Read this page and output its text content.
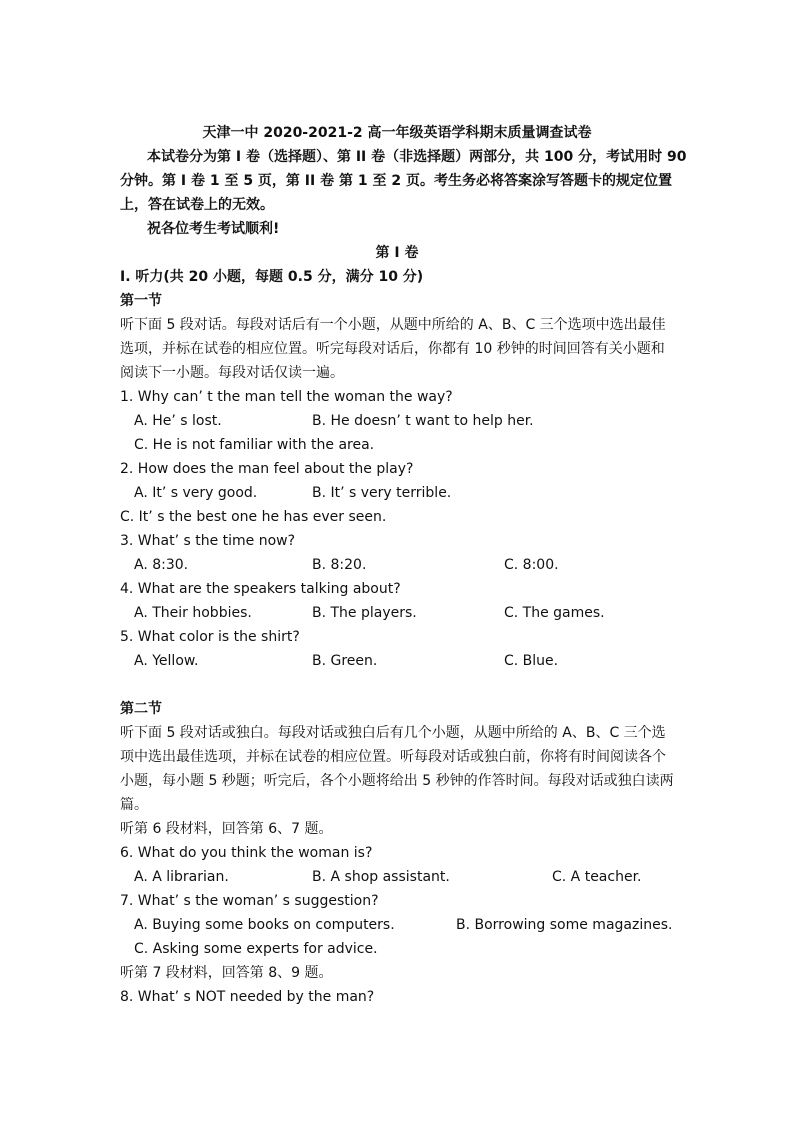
天津一中 2020-2021-2 高一年级英语学科期末质量调查试卷
本试卷分为第 I 卷（选择题）、第 II 卷（非选择题）两部分，共 100 分，考试用时 90
分钟。第 I 卷 1 至 5 页，第 II 卷 第 1 至 2 页。考生务必将答案涂写答题卡的规定位置
上，答在试卷上的无效。
祝各位考生考试顺利!
第 I 卷
I. 听力(共 20 小题，每题 0.5 分，满分 10 分)
第一节
听下面 5 段对话。每段对话后有一个小题，从题中所给的 A、B、C 三个选项中选出最佳
选项，并标在试卷的相应位置。听完每段对话后，你都有 10 秒钟的时间回答有关小题和
阅读下一小题。每段对话仅读一遍。
1. Why can’ t the man tell the woman the way?
A. He’ s lost.	B. He doesn’ t want to help her.
C. He is not familiar with the area.
2. How does the man feel about the play?
A. It’ s very good.	B. It’ s very terrible.
C. It’ s the best one he has ever seen.
3. What’ s the time now?
A. 8:30.	B. 8:20.	C. 8:00.
4. What are the speakers talking about?
A. Their hobbies.	B. The players.	C. The games.
5. What color is the shirt?
A. Yellow.	B. Green.	C. Blue.
第二节
听下面 5 段对话或独白。每段对话或独白后有几个小题，从题中所给的 A、B、C 三个选
项中选出最佳选项，并标在试卷的相应位置。听每段对话或独白前，你将有时间阅读各个
小题，每小题 5 秒题；听完后，各个小题将给出 5 秒钟的作答时间。每段对话或独白读两
篇。
听第 6 段材料，回答第 6、7 题。
6. What do you think the woman is?
A. A librarian.	B. A shop assistant.	C. A teacher.
7. What’ s the woman’ s suggestion?
A. Buying some books on computers.	B. Borrowing some magazines.
C. Asking some experts for advice.
听第 7 段材料，回答第 8、9 题。
8. What’ s NOT needed by the man?
